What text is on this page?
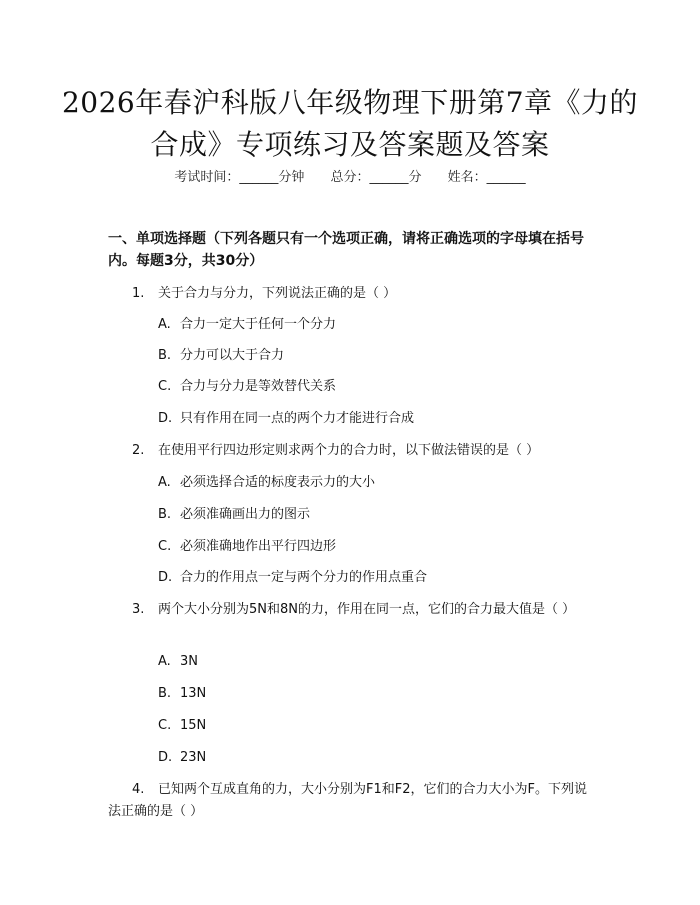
2026年春沪科版八年级物理下册第7章《力的合成》专项练习及答案题及答案
考试时间：______分钟 总分：______分 姓名：______
一、单项选择题（下列各题只有一个选项正确，请将正确选项的字母填在括号内。每题3分，共30分）
1. 关于合力与分力，下列说法正确的是（ ）
A. 合力一定大于任何一个分力
B. 分力可以大于合力
C. 合力与分力是等效替代关系
D. 只有作用在同一点的两个力才能进行合成
2. 在使用平行四边形定则求两个力的合力时，以下做法错误的是（ ）
A. 必须选择合适的标度表示力的大小
B. 必须准确画出力的图示
C. 必须准确地作出平行四边形
D. 合力的作用点一定与两个分力的作用点重合
3. 两个大小分别为5N和8N的力，作用在同一点，它们的合力最大值是（ ）
A. 3N
B. 13N
C. 15N
D. 23N
4. 已知两个互成直角的力，大小分别为F1和F2，它们的合力大小为F。下列说法正确的是（ ）
